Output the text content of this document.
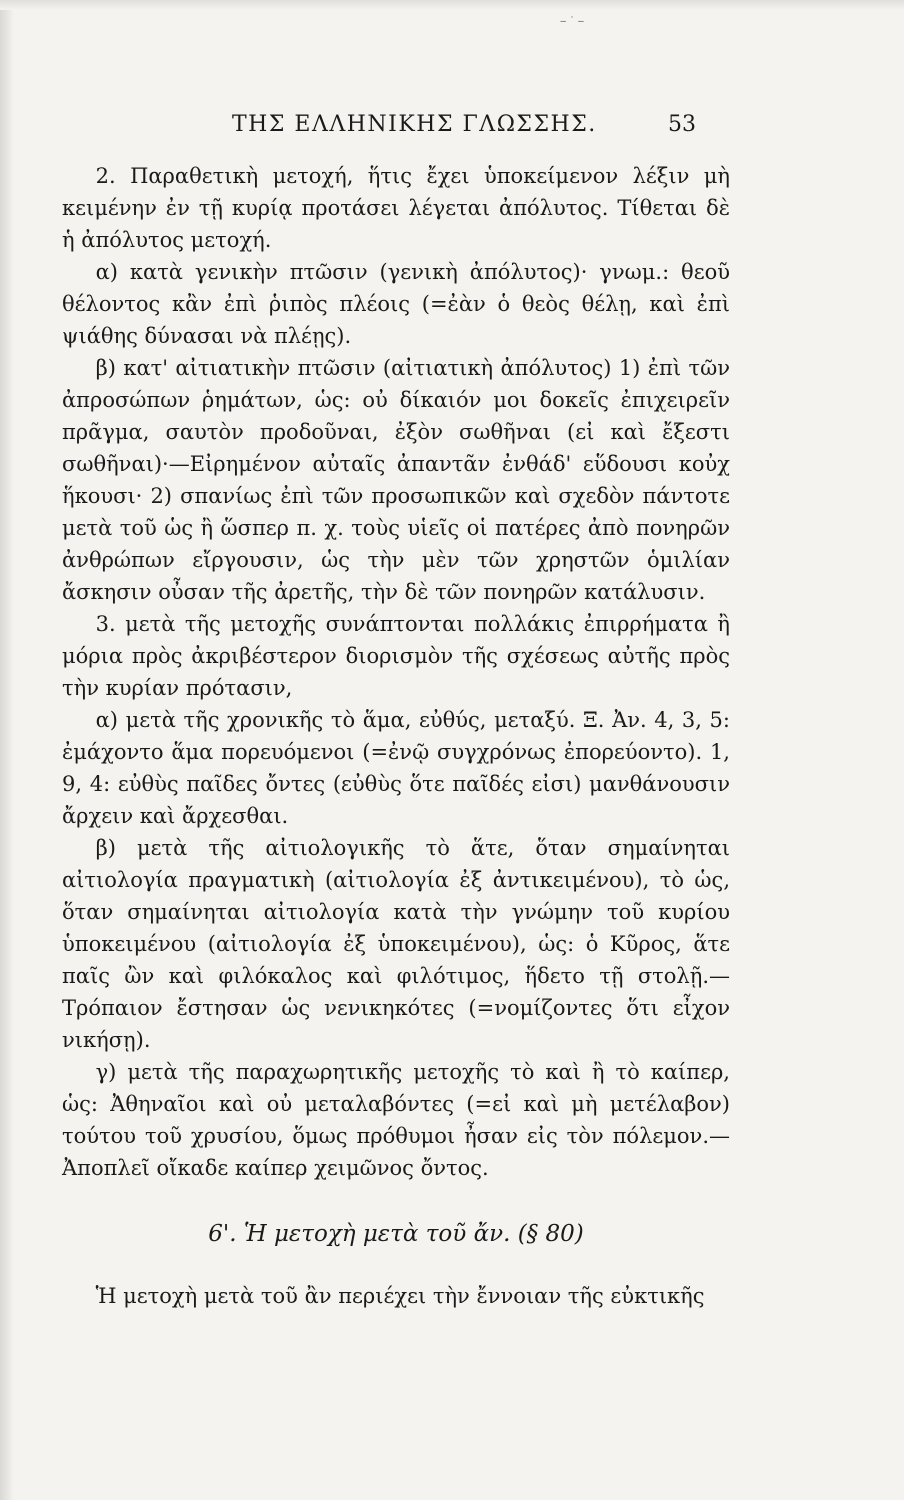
‒ ˙ ‒
ΤΗΣ ΕΛΛΗΝΙΚΗΣ ΓΛΩΣΣΗΣ.	53

2. Παραθετικὴ μετοχή, ἥτις ἔχει ὑποκείμενον λέξιν μὴ κειμένην ἐν τῇ κυρίᾳ προτάσει λέγεται ἀπόλυτος. Τίθεται δὲ ἡ ἀπόλυτος μετοχή.

α) κατὰ γενικὴν πτῶσιν (γενικὴ ἀπόλυτος)· γνωμ.: θεοῦ θέλοντος κἂν ἐπὶ ῥιπὸς πλέοις (=ἐὰν ὁ θεὸς θέλῃ, καὶ ἐπὶ ψιάθης δύνασαι νὰ πλέῃς).

β) κατ' αἰτιατικὴν πτῶσιν (αἰτιατικὴ ἀπόλυτος) 1) ἐπὶ τῶν ἀπροσώπων ῥημάτων, ὡς: οὐ δίκαιόν μοι δοκεῖς ἐπιχειρεῖν πρᾶγμα, σαυτὸν προδοῦναι, ἐξὸν σωθῆναι (εἰ καὶ ἔξεστι σωθῆναι)·—Εἰρημένον αὐταῖς ἀπαντᾶν ἐνθάδ' εὕδουσι κοὐχ ἥκουσι· 2) σπανίως ἐπὶ τῶν προσωπικῶν καὶ σχεδὸν πάντοτε μετὰ τοῦ ὡς ἢ ὥσπερ π. χ. τοὺς υἱεῖς οἱ πατέρες ἀπὸ πονηρῶν ἀνθρώπων εἴργουσιν, ὡς τὴν μὲν τῶν χρηστῶν ὁμιλίαν ἄσκησιν οὖσαν τῆς ἀρετῆς, τὴν δὲ τῶν πονηρῶν κατάλυσιν.

3. μετὰ τῆς μετοχῆς συνάπτονται πολλάκις ἐπιρρήματα ἢ μόρια πρὸς ἀκριβέστερον διορισμὸν τῆς σχέσεως αὐτῆς πρὸς τὴν κυρίαν πρότασιν,

α) μετὰ τῆς χρονικῆς τὸ ἅμα, εὐθύς, μεταξύ. Ξ. Ἀν. 4, 3, 5: ἐμάχοντο ἅμα πορευόμενοι (=ἐνῷ συγχρόνως ἐπορεύοντο). 1, 9, 4: εὐθὺς παῖδες ὄντες (εὐθὺς ὅτε παῖδές εἰσι) μανθάνουσιν ἄρχειν καὶ ἄρχεσθαι.

β) μετὰ τῆς αἰτιολογικῆς τὸ ἅτε, ὅταν σημαίνηται αἰτιολογία πραγματικὴ (αἰτιολογία ἐξ ἀντικειμένου), τὸ ὡς, ὅταν σημαίνηται αἰτιολογία κατὰ τὴν γνώμην τοῦ κυρίου ὑποκειμένου (αἰτιολογία ἐξ ὑποκειμένου), ὡς: ὁ Κῦρος, ἅτε παῖς ὢν καὶ φιλόκαλος καὶ φιλότιμος, ἥδετο τῇ στολῇ.—Τρόπαιον ἔστησαν ὡς νενικηκότες (=νομίζοντες ὅτι εἶχον νικήσῃ).

γ) μετὰ τῆς παραχωρητικῆς μετοχῆς τὸ καὶ ἢ τὸ καίπερ, ὡς: Ἀθηναῖοι καὶ οὐ μεταλαβόντες (=εἰ καὶ μὴ μετέλαβον) τούτου τοῦ χρυσίου, ὅμως πρόθυμοι ἦσαν εἰς τὸν πόλεμον.— Ἀποπλεῖ οἴκαδε καίπερ χειμῶνος ὄντος.

6'. Ἡ μετοχὴ μετὰ τοῦ ἄν. (§ 80)

Ἡ μετοχὴ μετὰ τοῦ ἂν περιέχει τὴν ἔννοιαν τῆς εὐκτικῆς
